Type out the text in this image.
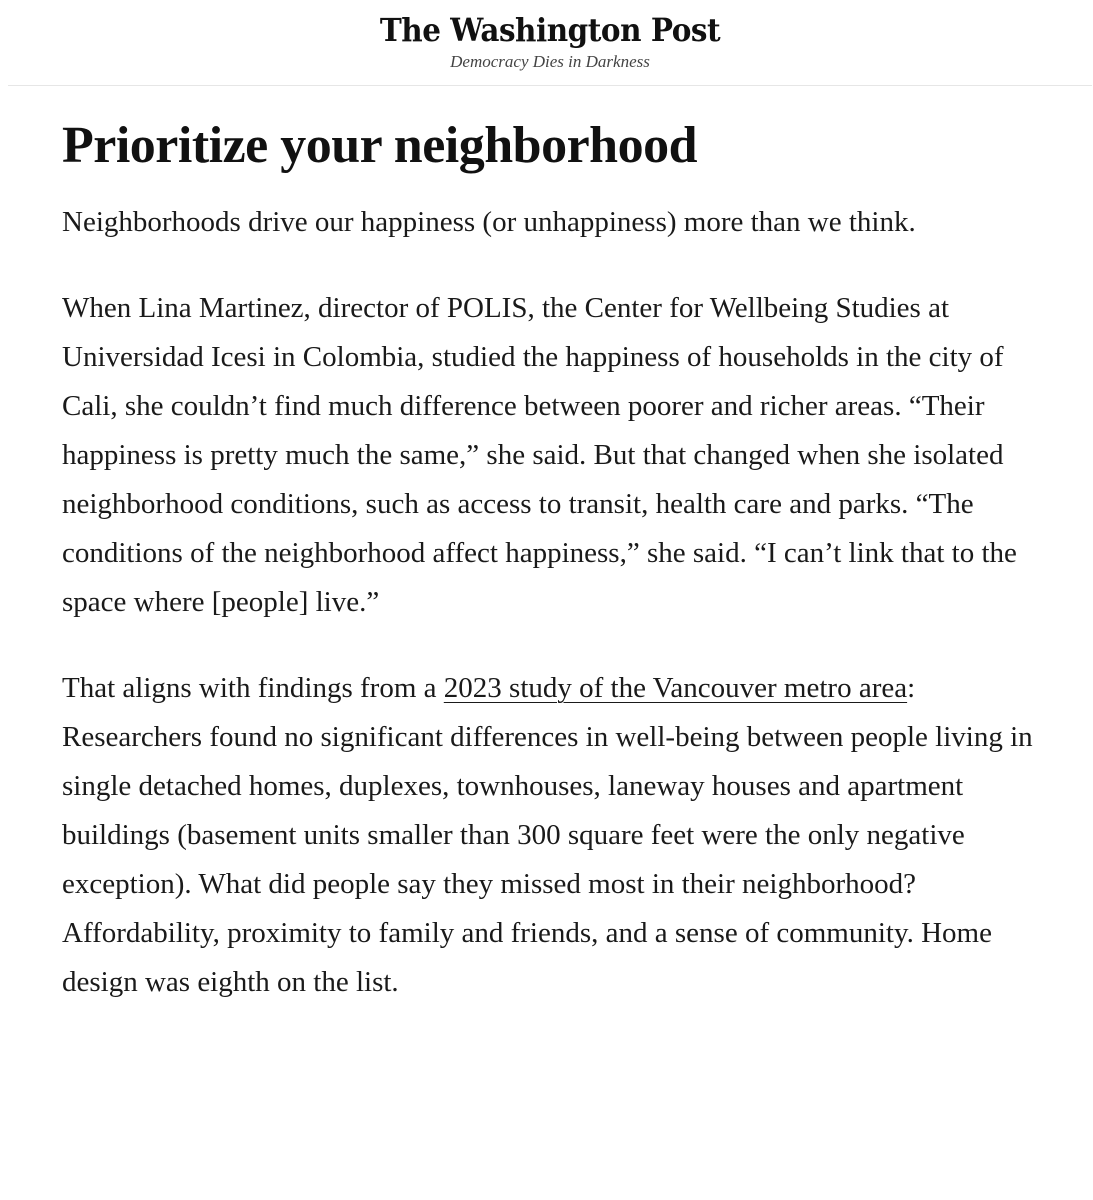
The Washington Post
Democracy Dies in Darkness
Prioritize your neighborhood

Neighborhoods drive our happiness (or unhappiness) more than we think.

When Lina Martinez, director of POLIS, the Center for Wellbeing Studies at Universidad Icesi in Colombia, studied the happiness of households in the city of Cali, she couldn’t find much difference between poorer and richer areas. “Their happiness is pretty much the same,” she said. But that changed when she isolated neighborhood conditions, such as access to transit, health care and parks. “The conditions of the neighborhood affect happiness,” she said. “I can’t link that to the space where [people] live.”

That aligns with findings from a 2023 study of the Vancouver metro area: Researchers found no significant differences in well-being between people living in single detached homes, duplexes, townhouses, laneway houses and apartment buildings (basement units smaller than 300 square feet were the only negative exception). What did people say they missed most in their neighborhood? Affordability, proximity to family and friends, and a sense of community. Home design was eighth on the list.
